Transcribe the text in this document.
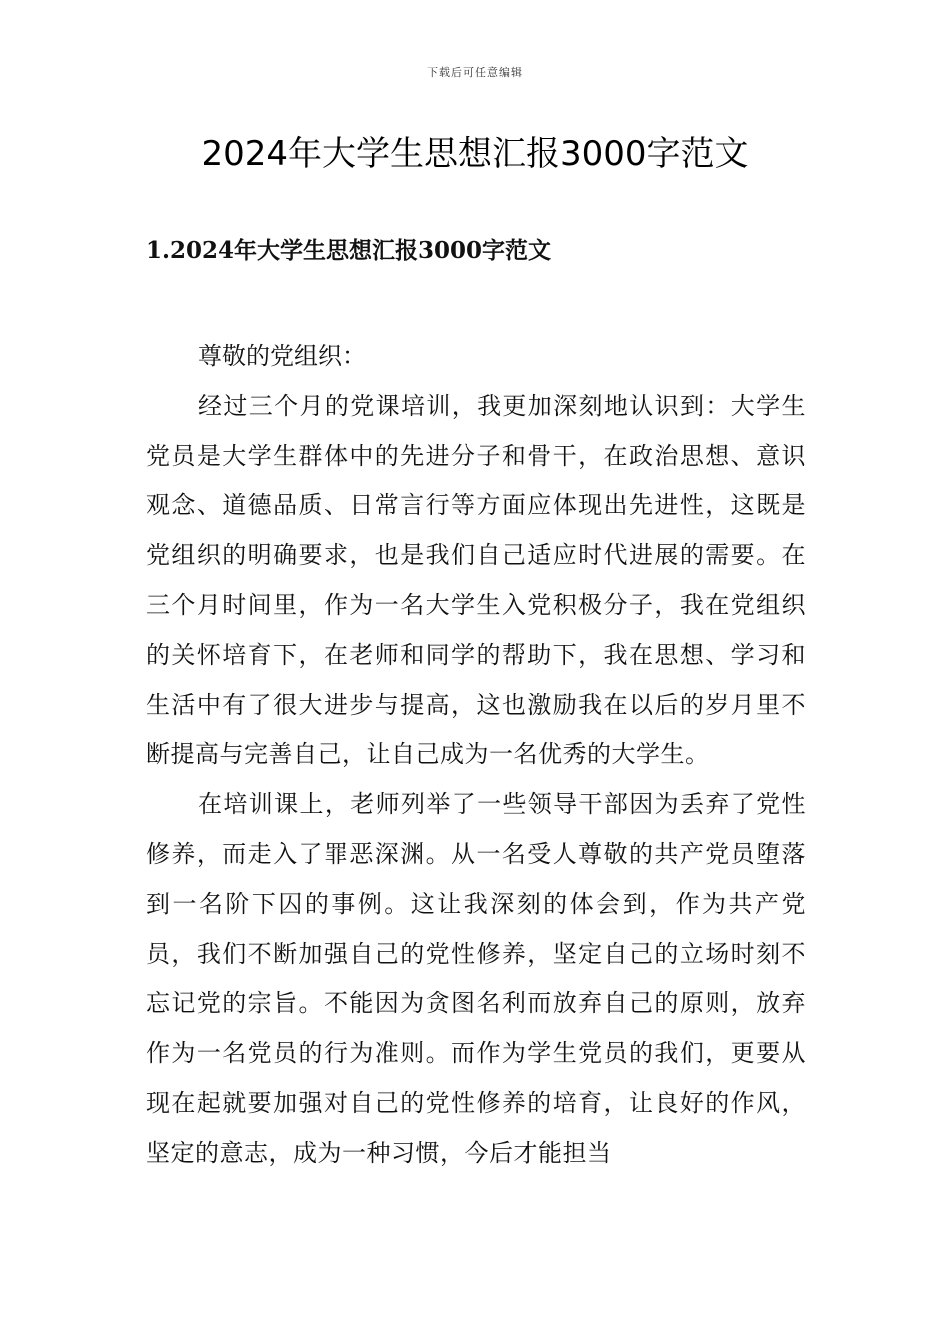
下载后可任意编辑
2024年大学生思想汇报3000字范文
1.2024年大学生思想汇报3000字范文

尊敬的党组织：

经过三个月的党课培训，我更加深刻地认识到：大学生党员是大学生群体中的先进分子和骨干，在政治思想、意识观念、道德品质、日常言行等方面应体现出先进性，这既是党组织的明确要求，也是我们自己适应时代进展的需要。在三个月时间里，作为一名大学生入党积极分子，我在党组织的关怀培育下，在老师和同学的帮助下，我在思想、学习和生活中有了很大进步与提高，这也激励我在以后的岁月里不断提高与完善自己，让自己成为一名优秀的大学生。

在培训课上，老师列举了一些领导干部因为丢弃了党性修养，而走入了罪恶深渊。从一名受人尊敬的共产党员堕落到一名阶下囚的事例。这让我深刻的体会到，作为共产党员，我们不断加强自己的党性修养，坚定自己的立场时刻不忘记党的宗旨。不能因为贪图名利而放弃自己的原则，放弃作为一名党员的行为准则。而作为学生党员的我们，更要从现在起就要加强对自己的党性修养的培育，让良好的作风，坚定的意志，成为一种习惯，今后才能担当
